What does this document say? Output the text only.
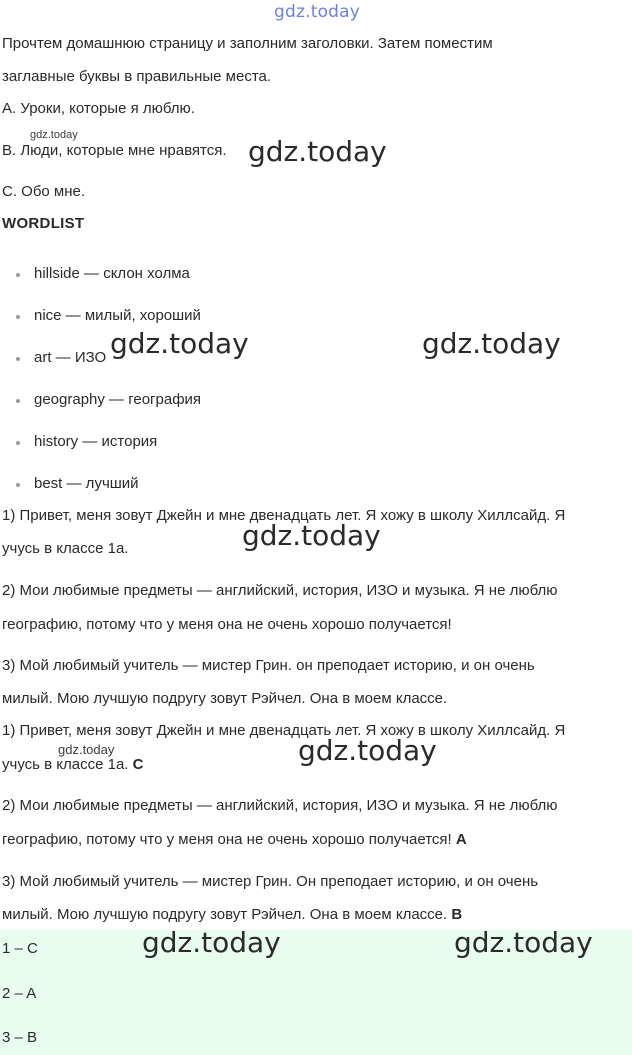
gdz.today
Прочтем домашнюю страницу и заполним заголовки. Затем поместим
заглавные буквы в правильные места.
A. Уроки, которые я люблю.
gdz.today
B. Люди, которые мне нравятся. gdz.today
C. Обо мне.
WORDLIST
hillside — склон холма
nice — милый, хороший
art — ИЗО
geography — география
history — история
best — лучший
gdz.today	gdz.today
1) Привет, меня зовут Джейн и мне двенадцать лет. Я хожу в школу Хиллсайд. Я
учусь в классе 1а.	gdz.today
2) Мои любимые предметы — английский, история, ИЗО и музыка. Я не люблю
географию, потому что у меня она не очень хорошо получается!
3) Мой любимый учитель — мистер Грин. он преподает историю, и он очень
милый. Мою лучшую подругу зовут Рэйчел. Она в моем классе.
1) Привет, меня зовут Джейн и мне двенадцать лет. Я хожу в школу Хиллсайд. Я
gdz.today
учусь в классе 1а. C	gdz.today
2) Мои любимые предметы — английский, история, ИЗО и музыка. Я не люблю
географию, потому что у меня она не очень хорошо получается! A
3) Мой любимый учитель — мистер Грин. Он преподает историю, и он очень
милый. Мою лучшую подругу зовут Рэйчел. Она в моем классе. B
1 – C
2 – A
3 – B
gdz.today	gdz.today
